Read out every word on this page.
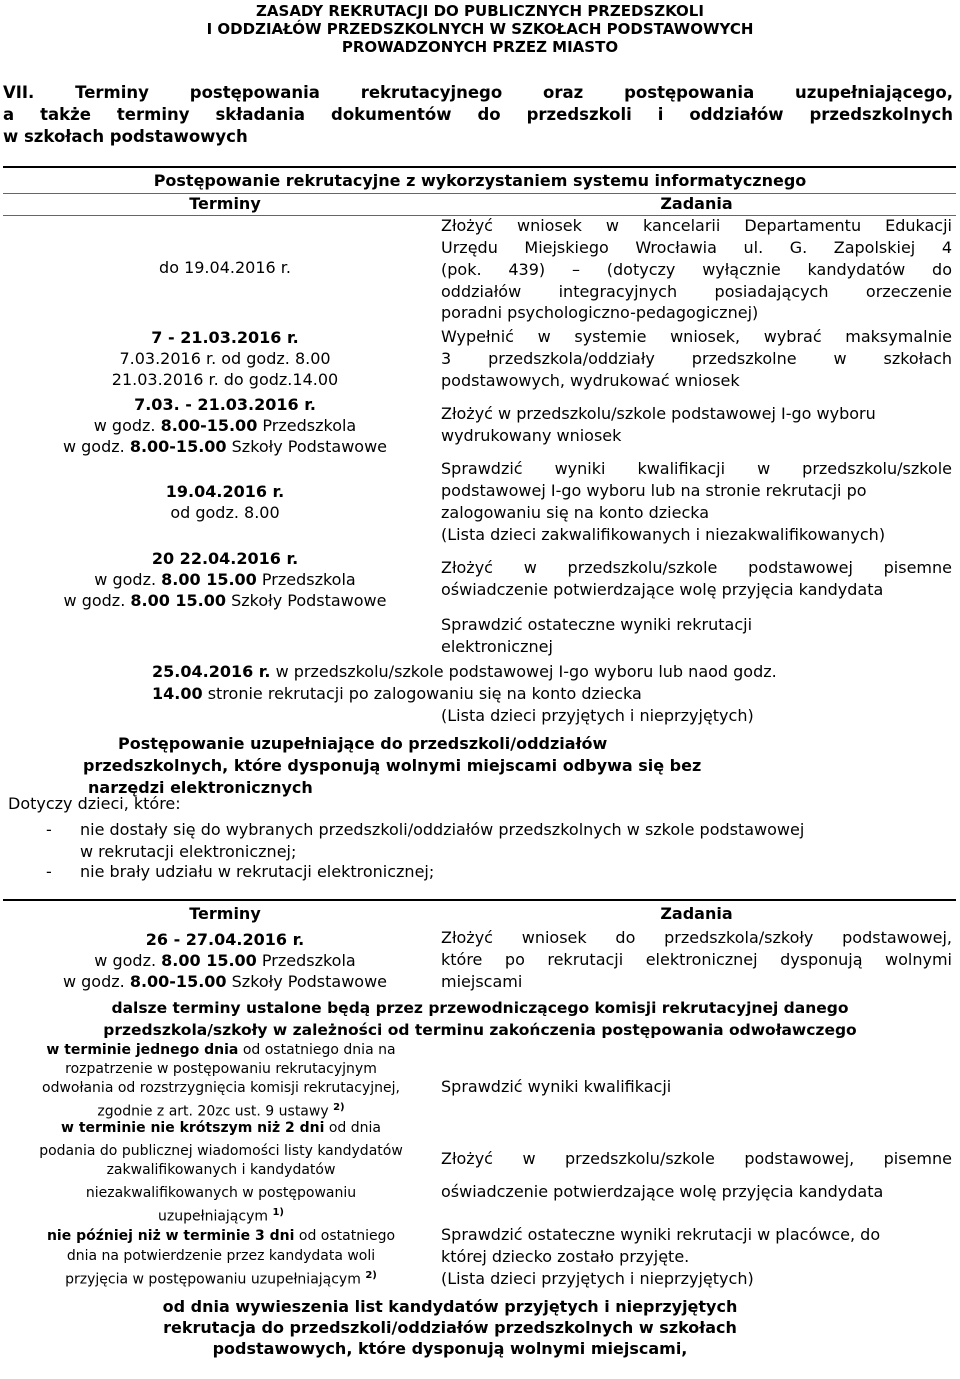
ZASADY REKRUTACJI DO PUBLICZNYCH PRZEDSZKOLI
I ODDZIAŁÓW PRZEDSZKOLNYCH W SZKOŁACH PODSTAWOWYCH
PROWADZONYCH PRZEZ MIASTO
VII. Terminy postępowania rekrutacyjnego oraz postępowania uzupełniającego,
a także terminy składania dokumentów do przedszkoli i oddziałów przedszkolnych
w szkołach podstawowych
Postępowanie rekrutacyjne z wykorzystaniem systemu informatycznego
Terminy	Zadania
do 19.04.2016 r.
Złożyć wniosek w kancelarii Departamentu Edukacji
Urzędu Miejskiego Wrocławia ul. G. Zapolskiej 4
(pok. 439) – (dotyczy wyłącznie kandydatów do
oddziałów integracyjnych posiadających orzeczenie
poradni psychologiczno-pedagogicznej)
7 - 21.03.2016 r.
7.03.2016 r. od godz. 8.00
21.03.2016 r. do godz.14.00
Wypełnić w systemie wniosek, wybrać maksymalnie
3 przedszkola/oddziały przedszkolne w szkołach
podstawowych, wydrukować wniosek
7.03. - 21.03.2016 r.
w godz. 8.00-15.00 Przedszkola
w godz. 8.00-15.00 Szkoły Podstawowe
Złożyć w przedszkolu/szkole podstawowej I-go wyboru
wydrukowany wniosek
19.04.2016 r.
od godz. 8.00
Sprawdzić wyniki kwalifikacji w przedszkolu/szkole
podstawowej I-go wyboru lub na stronie rekrutacji po
zalogowaniu się na konto dziecka
(Lista dzieci zakwalifikowanych i niezakwalifikowanych)
20 22.04.2016 r.
w godz. 8.00 15.00 Przedszkola
w godz. 8.00 15.00 Szkoły Podstawowe
Złożyć w przedszkolu/szkole podstawowej pisemne
oświadczenie potwierdzające wolę przyjęcia kandydata
Sprawdzić ostateczne wyniki rekrutacji
elektronicznej
25.04.2016 r. w przedszkolu/szkole podstawowej I-go wyboru lub naod godz.
14.00 stronie rekrutacji po zalogowaniu się na konto dziecka
(Lista dzieci przyjętych i nieprzyjętych)
Postępowanie uzupełniające do przedszkoli/oddziałów
przedszkolnych, które dysponują wolnymi miejscami odbywa się bez
narzędzi elektronicznych
Dotyczy dzieci, które:
- nie dostały się do wybranych przedszkoli/oddziałów przedszkolnych w szkole podstawowej
w rekrutacji elektronicznej;
- nie brały udziału w rekrutacji elektronicznej;
Terminy	Zadania
26 - 27.04.2016 r.
w godz. 8.00 15.00 Przedszkola
w godz. 8.00-15.00 Szkoły Podstawowe
Złożyć wniosek do przedszkola/szkoły podstawowej,
które po rekrutacji elektronicznej dysponują wolnymi
miejscami
dalsze terminy ustalone będą przez przewodniczącego komisji rekrutacyjnej danego
przedszkola/szkoły w zależności od terminu zakończenia postępowania odwoławczego
w terminie jednego dnia od ostatniego dnia na
rozpatrzenie w postępowaniu rekrutacyjnym
odwołania od rozstrzygnięcia komisji rekrutacyjnej,
zgodnie z art. 20zc ust. 9 ustawy $^{2)}$
Sprawdzić wyniki kwalifikacji
w terminie nie krótszym niż 2 dni od dnia
podania do publicznej wiadomości listy kandydatów
zakwalifikowanych i kandydatów
niezakwalifikowanych w postępowaniu
uzupełniającym $^{1)}$
Złożyć w przedszkolu/szkole podstawowej, pisemne
oświadczenie potwierdzające wolę przyjęcia kandydata
nie później niż w terminie 3 dni od ostatniego
dnia na potwierdzenie przez kandydata woli
przyjęcia w postępowaniu uzupełniającym $^{2)}$
Sprawdzić ostateczne wyniki rekrutacji w placówce, do
której dziecko zostało przyjęte.
(Lista dzieci przyjętych i nieprzyjętych)
od dnia wywieszenia list kandydatów przyjętych i nieprzyjętych
rekrutacja do przedszkoli/oddziałów przedszkolnych w szkołach
podstawowych, które dysponują wolnymi miejscami,
